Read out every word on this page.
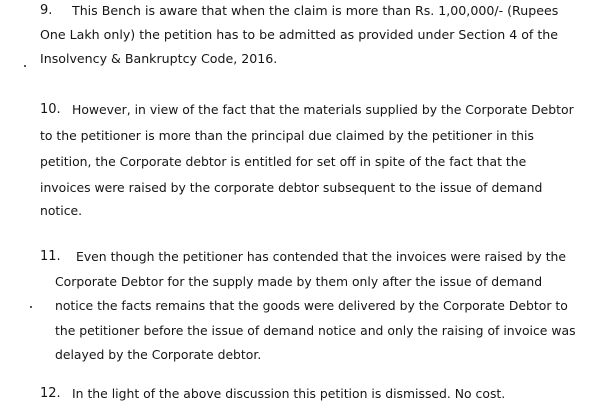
9. This Bench is aware that when the claim is more than Rs. 1,00,000/- (Rupees
One Lakh only) the petition has to be admitted as provided under Section 4 of the
Insolvency & Bankruptcy Code, 2016.
10. However, in view of the fact that the materials supplied by the Corporate Debtor
to the petitioner is more than the principal due claimed by the petitioner in this
petition, the Corporate debtor is entitled for set off in spite of the fact that the
invoices were raised by the corporate debtor subsequent to the issue of demand
notice.
11. Even though the petitioner has contended that the invoices were raised by the
Corporate Debtor for the supply made by them only after the issue of demand
notice the facts remains that the goods were delivered by the Corporate Debtor to
the petitioner before the issue of demand notice and only the raising of invoice was
delayed by the Corporate debtor.
12. In the light of the above discussion this petition is dismissed. No cost.
